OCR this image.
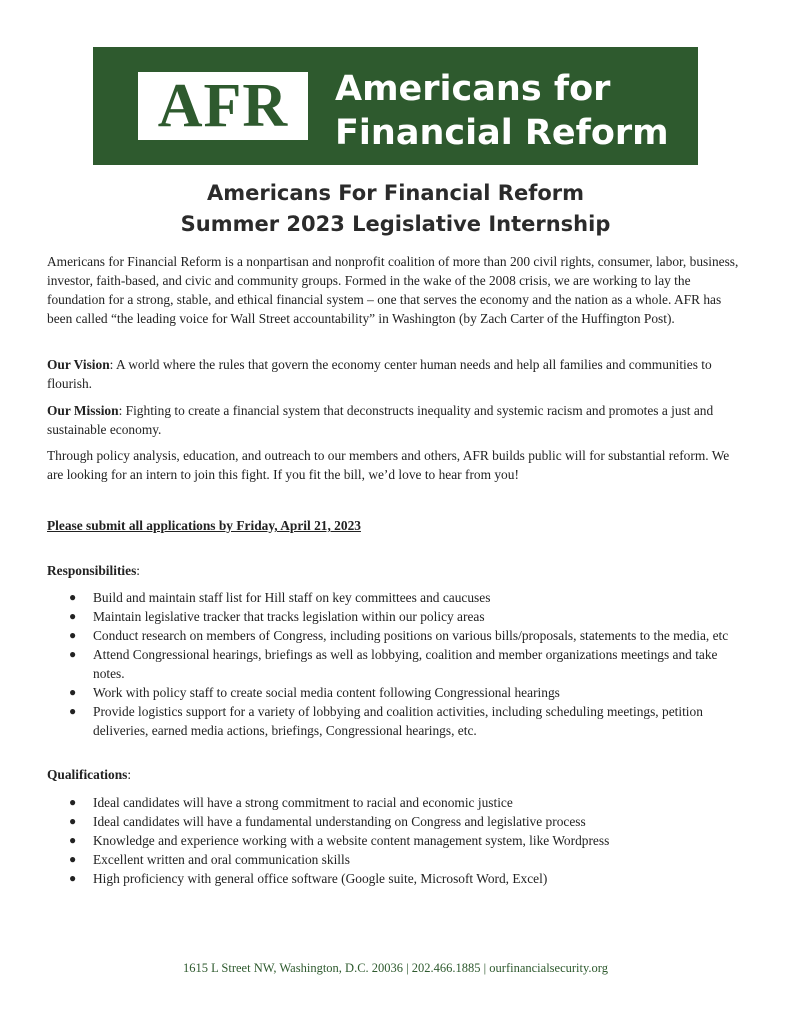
AFR Americans for
Financial Reform
Americans For Financial Reform
Summer 2023 Legislative Internship

Americans for Financial Reform is a nonpartisan and nonprofit coalition of more than 200 civil rights, consumer, labor, business, investor, faith-based, and civic and community groups. Formed in the wake of the 2008 crisis, we are working to lay the foundation for a strong, stable, and ethical financial system – one that serves the economy and the nation as a whole. AFR has been called “the leading voice for Wall Street accountability” in Washington (by Zach Carter of the Huffington Post).

Our Vision: A world where the rules that govern the economy center human needs and help all families and communities to flourish.

Our Mission: Fighting to create a financial system that deconstructs inequality and systemic racism and promotes a just and sustainable economy.

Through policy analysis, education, and outreach to our members and others, AFR builds public will for substantial reform. We are looking for an intern to join this fight. If you fit the bill, we’d love to hear from you!

Please submit all applications by Friday, April 21, 2023

Responsibilities:

● Build and maintain staff list for Hill staff on key committees and caucuses
● Maintain legislative tracker that tracks legislation within our policy areas
● Conduct research on members of Congress, including positions on various bills/proposals, statements to the media, etc
● Attend Congressional hearings, briefings as well as lobbying, coalition and member organizations meetings and take notes.
● Work with policy staff to create social media content following Congressional hearings
● Provide logistics support for a variety of lobbying and coalition activities, including scheduling meetings, petition deliveries, earned media actions, briefings, Congressional hearings, etc.

Qualifications:

● Ideal candidates will have a strong commitment to racial and economic justice
● Ideal candidates will have a fundamental understanding on Congress and legislative process
● Knowledge and experience working with a website content management system, like Wordpress
● Excellent written and oral communication skills
● High proficiency with general office software (Google suite, Microsoft Word, Excel)
1615 L Street NW, Washington, D.C. 20036 | 202.466.1885 | ourfinancialsecurity.org
